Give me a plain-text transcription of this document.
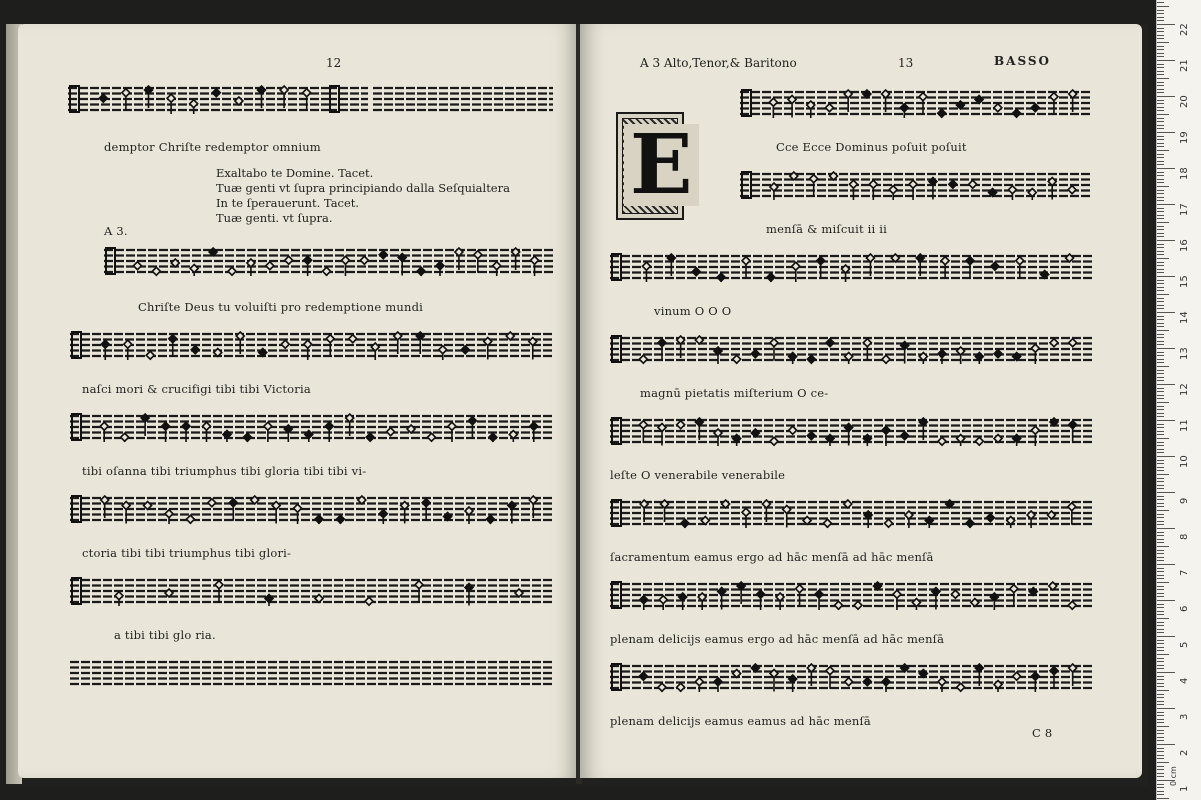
12
demptor Chriſte redemptor omnium
Exaltabo te Domine. Tacet.
Tuæ genti vt ſupra principiando dalla Seſquialtera
In te ſperauerunt. Tacet.
Tuæ genti. vt ſupra.
A 3.
Chriſte Deus tu voluiſti pro redemptione mundi
naſci mori & crucifigi tibi tibi Victoria
tibi oſanna tibi triumphus tibi gloria tibi tibi vi-
ctoria tibi tibi triumphus tibi glori-
a tibi tibi glo ria.
A 3 Alto,Tenor,& Baritono	13	BASSO
Cce Ecce Dominus poſuit poſuit
menſā & miſcuit ii ii
vinum O O O
magnū pietatis miſterium O ce-
leſte O venerabile venerabile
ſacramentum eamus ergo ad hāc menſā ad hāc menſā
plenam delicijs eamus ergo ad hāc menſā ad hāc menſā
plenam delicijs eamus eamus ad hāc menſā
C 8
E
22
21
20
19
18
17
16
15
14
13
12
11
10
9
8
7
6
5
4
3
2
1
0 cm
